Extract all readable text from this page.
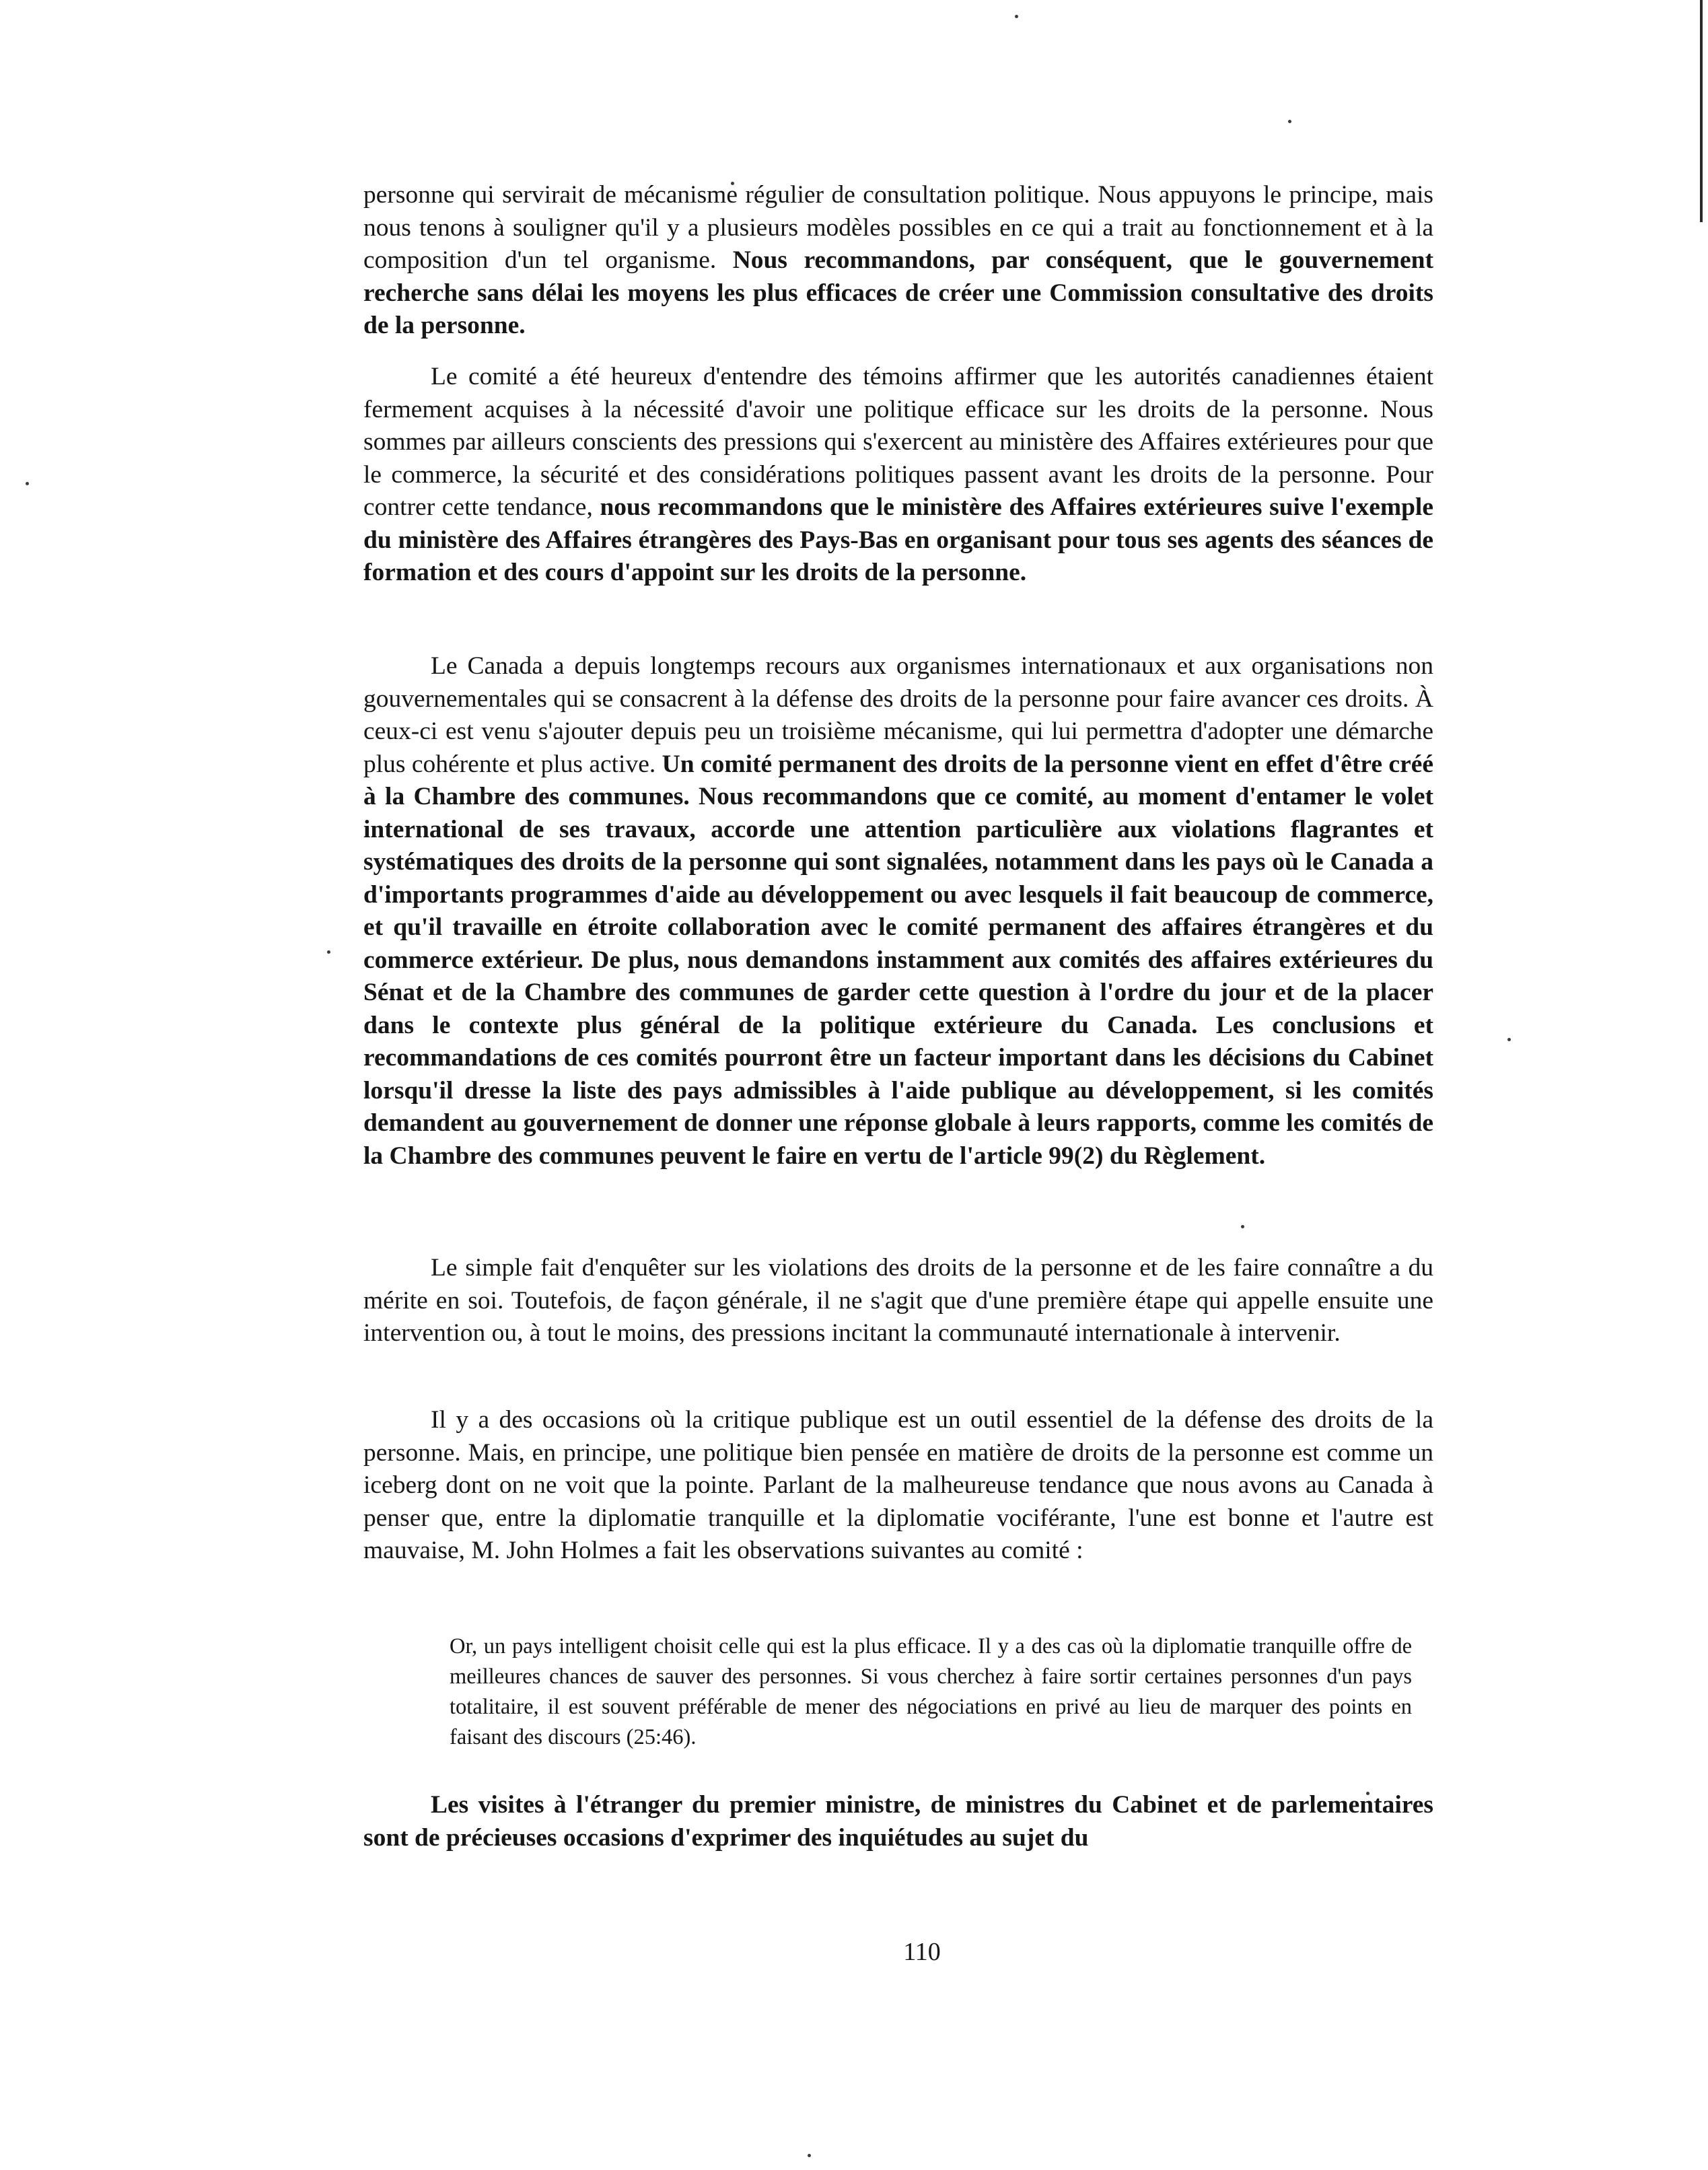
personne qui servirait de mécanisme régulier de consultation politique. Nous appuyons le principe, mais nous tenons à souligner qu'il y a plusieurs modèles possibles en ce qui a trait au fonctionnement et à la composition d'un tel organisme. Nous recommandons, par conséquent, que le gouvernement recherche sans délai les moyens les plus efficaces de créer une Commission consultative des droits de la personne.

Le comité a été heureux d'entendre des témoins affirmer que les autorités canadiennes étaient fermement acquises à la nécessité d'avoir une politique efficace sur les droits de la personne. Nous sommes par ailleurs conscients des pressions qui s'exercent au ministère des Affaires extérieures pour que le commerce, la sécurité et des considérations politiques passent avant les droits de la personne. Pour contrer cette tendance, nous recommandons que le ministère des Affaires extérieures suive l'exemple du ministère des Affaires étrangères des Pays-Bas en organisant pour tous ses agents des séances de formation et des cours d'appoint sur les droits de la personne.

Le Canada a depuis longtemps recours aux organismes internationaux et aux organisations non gouvernementales qui se consacrent à la défense des droits de la personne pour faire avancer ces droits. À ceux-ci est venu s'ajouter depuis peu un troisième mécanisme, qui lui permettra d'adopter une démarche plus cohérente et plus active. Un comité permanent des droits de la personne vient en effet d'être créé à la Chambre des communes. Nous recommandons que ce comité, au moment d'entamer le volet international de ses travaux, accorde une attention particulière aux violations flagrantes et systématiques des droits de la personne qui sont signalées, notamment dans les pays où le Canada a d'importants programmes d'aide au développement ou avec lesquels il fait beaucoup de commerce, et qu'il travaille en étroite collaboration avec le comité permanent des affaires étrangères et du commerce extérieur. De plus, nous demandons instamment aux comités des affaires extérieures du Sénat et de la Chambre des communes de garder cette question à l'ordre du jour et de la placer dans le contexte plus général de la politique extérieure du Canada. Les conclusions et recommandations de ces comités pourront être un facteur important dans les décisions du Cabinet lorsqu'il dresse la liste des pays admissibles à l'aide publique au développement, si les comités demandent au gouvernement de donner une réponse globale à leurs rapports, comme les comités de la Chambre des communes peuvent le faire en vertu de l'article 99(2) du Règlement.

Le simple fait d'enquêter sur les violations des droits de la personne et de les faire connaître a du mérite en soi. Toutefois, de façon générale, il ne s'agit que d'une première étape qui appelle ensuite une intervention ou, à tout le moins, des pressions incitant la communauté internationale à intervenir.

Il y a des occasions où la critique publique est un outil essentiel de la défense des droits de la personne. Mais, en principe, une politique bien pensée en matière de droits de la personne est comme un iceberg dont on ne voit que la pointe. Parlant de la malheureuse tendance que nous avons au Canada à penser que, entre la diplomatie tranquille et la diplomatie vociférante, l'une est bonne et l'autre est mauvaise, M. John Holmes a fait les observations suivantes au comité :

Or, un pays intelligent choisit celle qui est la plus efficace. Il y a des cas où la diplomatie tranquille offre de meilleures chances de sauver des personnes. Si vous cherchez à faire sortir certaines personnes d'un pays totalitaire, il est souvent préférable de mener des négociations en privé au lieu de marquer des points en faisant des discours (25:46).

Les visites à l'étranger du premier ministre, de ministres du Cabinet et de parlementaires sont de précieuses occasions d'exprimer des inquiétudes au sujet du

110
